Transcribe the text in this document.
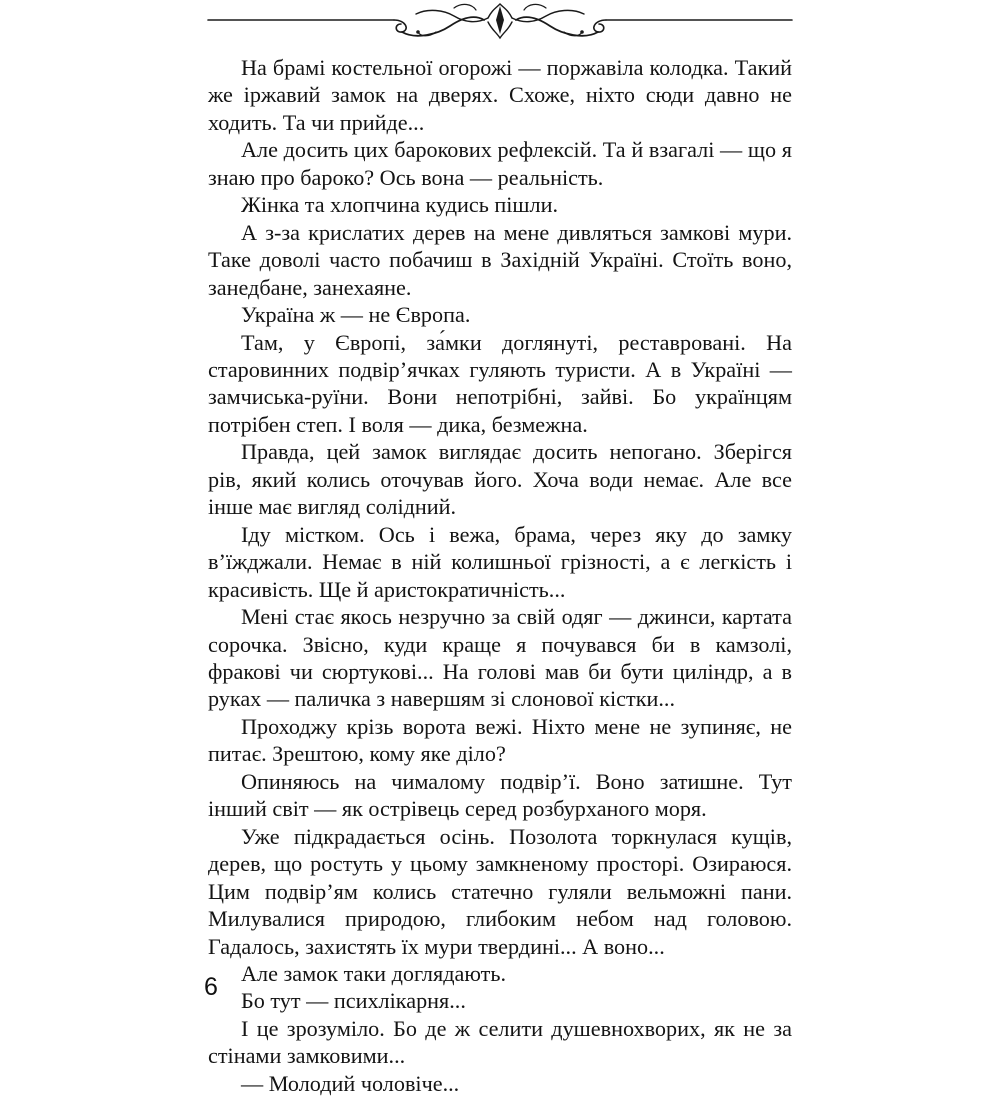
На брамі костельної огорожі — поржавіла колодка. Такий же іржавий замок на дверях. Схоже, ніхто сюди давно не ходить. Та чи прийде...

Але досить цих барокових рефлексій. Та й взагалі — що я знаю про бароко? Ось вона — реальність.

Жінка та хлопчина кудись пішли.

А з-за крислатих дерев на мене дивляться замкові мури. Таке доволі часто побачиш в Західній Україні. Стоїть воно, занедбане, занехаяне.

Україна ж — не Європа.

Там, у Європі, за́мки доглянуті, реставровані. На старовинних подвір’ячках гуляють туристи. А в Україні — замчиська-руїни. Вони непотрібні, зайві. Бо українцям потрібен степ. І воля — дика, безмежна.

Правда, цей замок виглядає досить непогано. Зберігся рів, який колись оточував його. Хоча води немає. Але все інше має вигляд солідний.

Іду містком. Ось і вежа, брама, через яку до замку в’їжджали. Немає в ній колишньої грізності, а є легкість і красивість. Ще й аристократичність...

Мені стає якось незручно за свій одяг — джинси, картата сорочка. Звісно, куди краще я почувався би в камзолі, фракові чи сюртукові... На голові мав би бути циліндр, а в руках — паличка з навершям зі слонової кістки...

Проходжу крізь ворота вежі. Ніхто мене не зупиняє, не питає. Зрештою, кому яке діло?

Опиняюсь на чималому подвір’ї. Воно затишне. Тут інший світ — як острівець серед розбурханого моря.

Уже підкрадається осінь. Позолота торкнулася кущів, дерев, що ростуть у цьому замкненому просторі. Озираюся. Цим подвір’ям колись статечно гуляли вельможні пани. Милувалися природою, глибоким небом над головою. Гадалось, захистять їх мури твердині... А воно...

Але замок таки доглядають.

Бо тут — психлікарня...

І це зрозуміло. Бо де ж селити душевнохворих, як не за стінами замковими...

— Молодий чоловіче...

6
